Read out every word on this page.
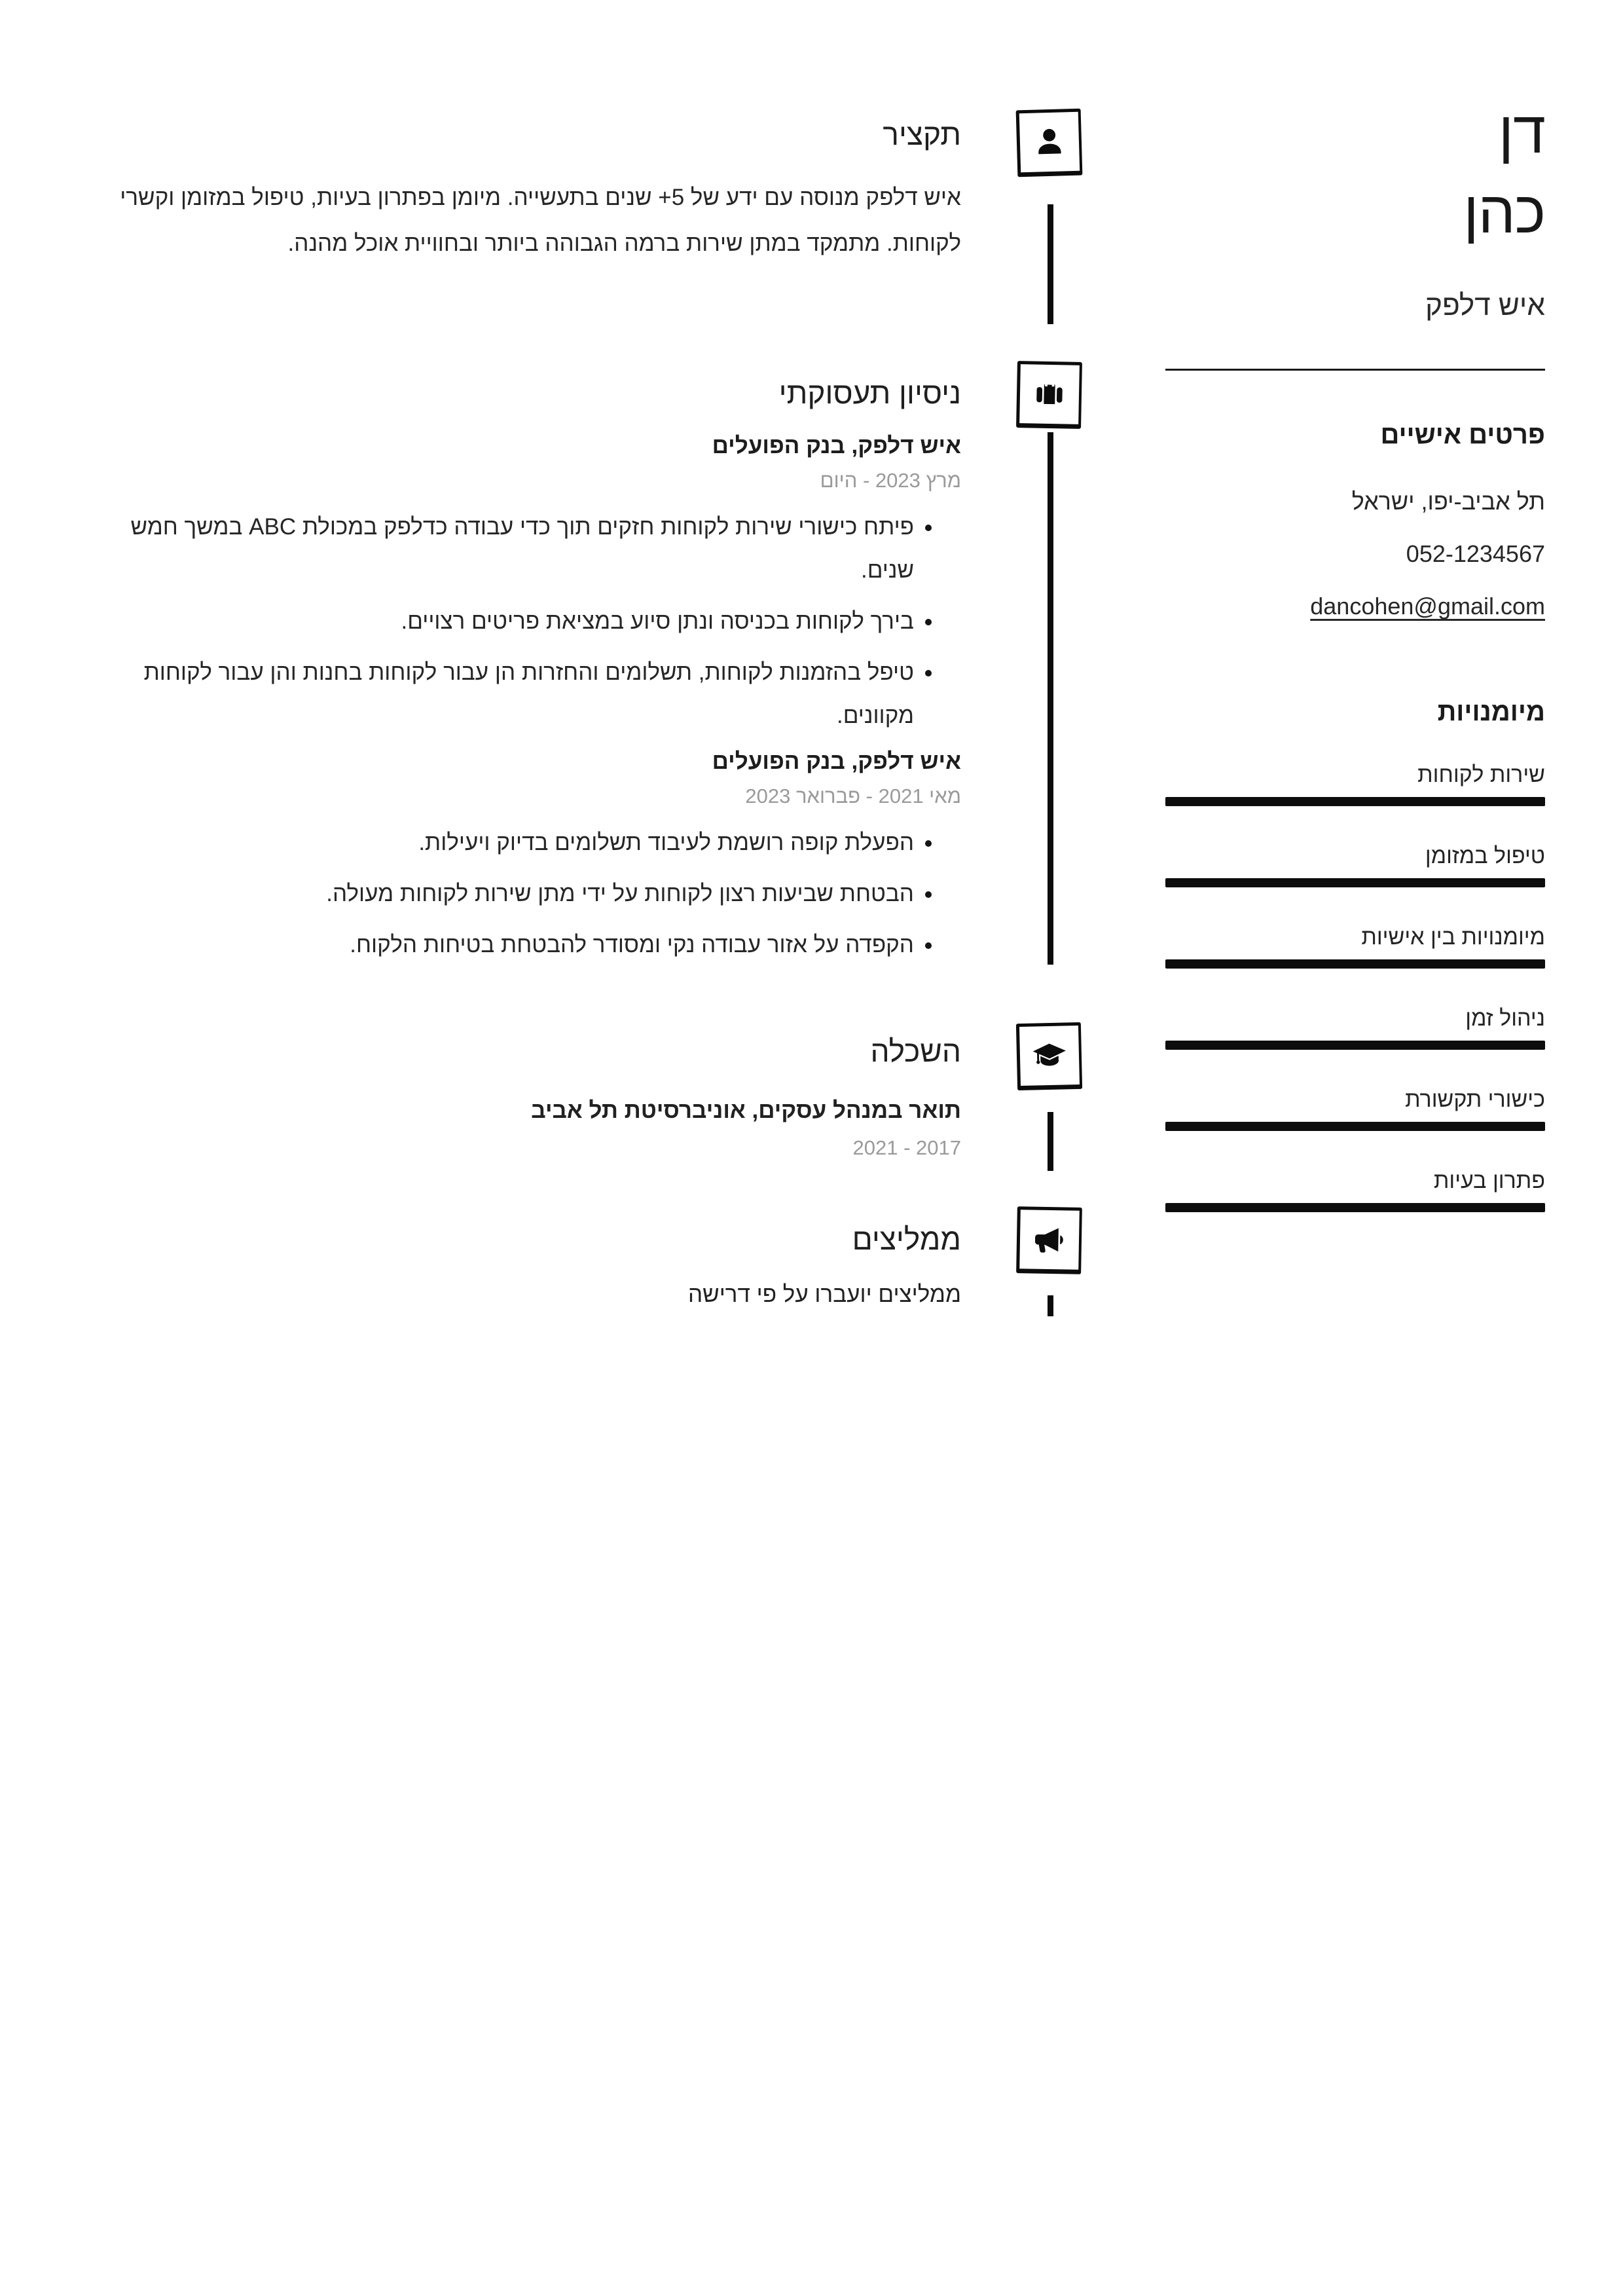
תקציר

איש דלפק מנוסה עם ידע של 5+ שנים בתעשייה. מיומן בפתרון בעיות, טיפול במזומן וקשרי לקוחות. מתמקד במתן שירות ברמה הגבוהה ביותר ובחוויית אוכל מהנה.

ניסיון תעסוקתי
איש דלפק, בנק הפועלים
מרץ 2023 - היום
• פיתח כישורי שירות לקוחות חזקים תוך כדי עבודה כדלפק במכולת ABC במשך חמש שנים.
• בירך לקוחות בכניסה ונתן סיוע במציאת פריטים רצויים.
• טיפל בהזמנות לקוחות, תשלומים והחזרות הן עבור לקוחות בחנות והן עבור לקוחות מקוונים.
איש דלפק, בנק הפועלים
מאי 2021 - פברואר 2023
• הפעלת קופה רושמת לעיבוד תשלומים בדיוק ויעילות.
• הבטחת שביעות רצון לקוחות על ידי מתן שירות לקוחות מעולה.
• הקפדה על אזור עבודה נקי ומסודר להבטחת בטיחות הלקוח.
השכלה
תואר במנהל עסקים, אוניברסיטת תל אביב
2017 - 2021
ממליצים

ממליצים יועברו על פי דרישה

דן
כהן
איש דלפק
פרטים אישיים
תל אביב-יפו, ישראל
052-1234567
dancohen@gmail.com
מיומנויות
שירות לקוחות
טיפול במזומן
מיומנויות בין אישיות
ניהול זמן
כישורי תקשורת
פתרון בעיות
